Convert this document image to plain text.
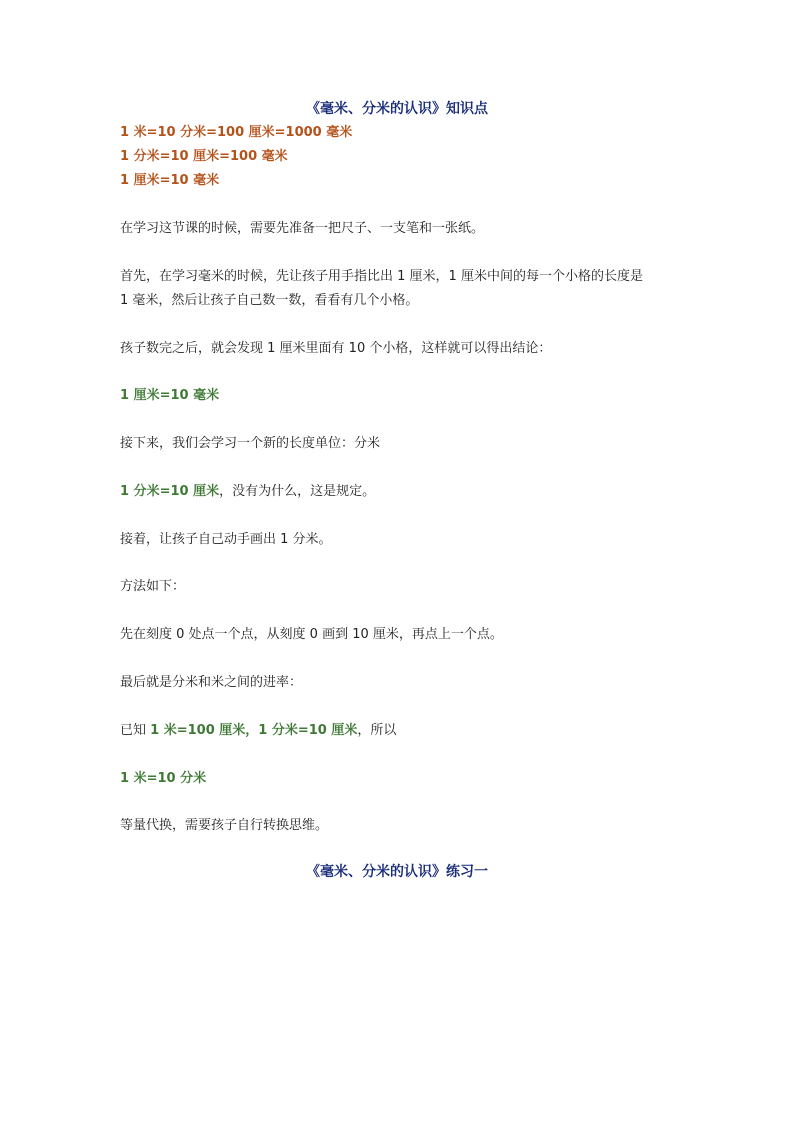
《毫米、分米的认识》知识点
1 米=10 分米=100 厘米=1000 毫米
1 分米=10 厘米=100 毫米
1 厘米=10 毫米
在学习这节课的时候，需要先准备一把尺子、一支笔和一张纸。
首先，在学习毫米的时候，先让孩子用手指比出 1 厘米，1 厘米中间的每一个小格的长度是
1 毫米，然后让孩子自己数一数，看看有几个小格。
孩子数完之后，就会发现 1 厘米里面有 10 个小格，这样就可以得出结论：
1 厘米=10 毫米
接下来，我们会学习一个新的长度单位：分米
1 分米=10 厘米，没有为什么，这是规定。
接着，让孩子自己动手画出 1 分米。
方法如下：
先在刻度 0 处点一个点，从刻度 0 画到 10 厘米，再点上一个点。
最后就是分米和米之间的进率：
已知 1 米=100 厘米，1 分米=10 厘米，所以
1 米=10 分米
等量代换，需要孩子自行转换思维。
《毫米、分米的认识》练习一
